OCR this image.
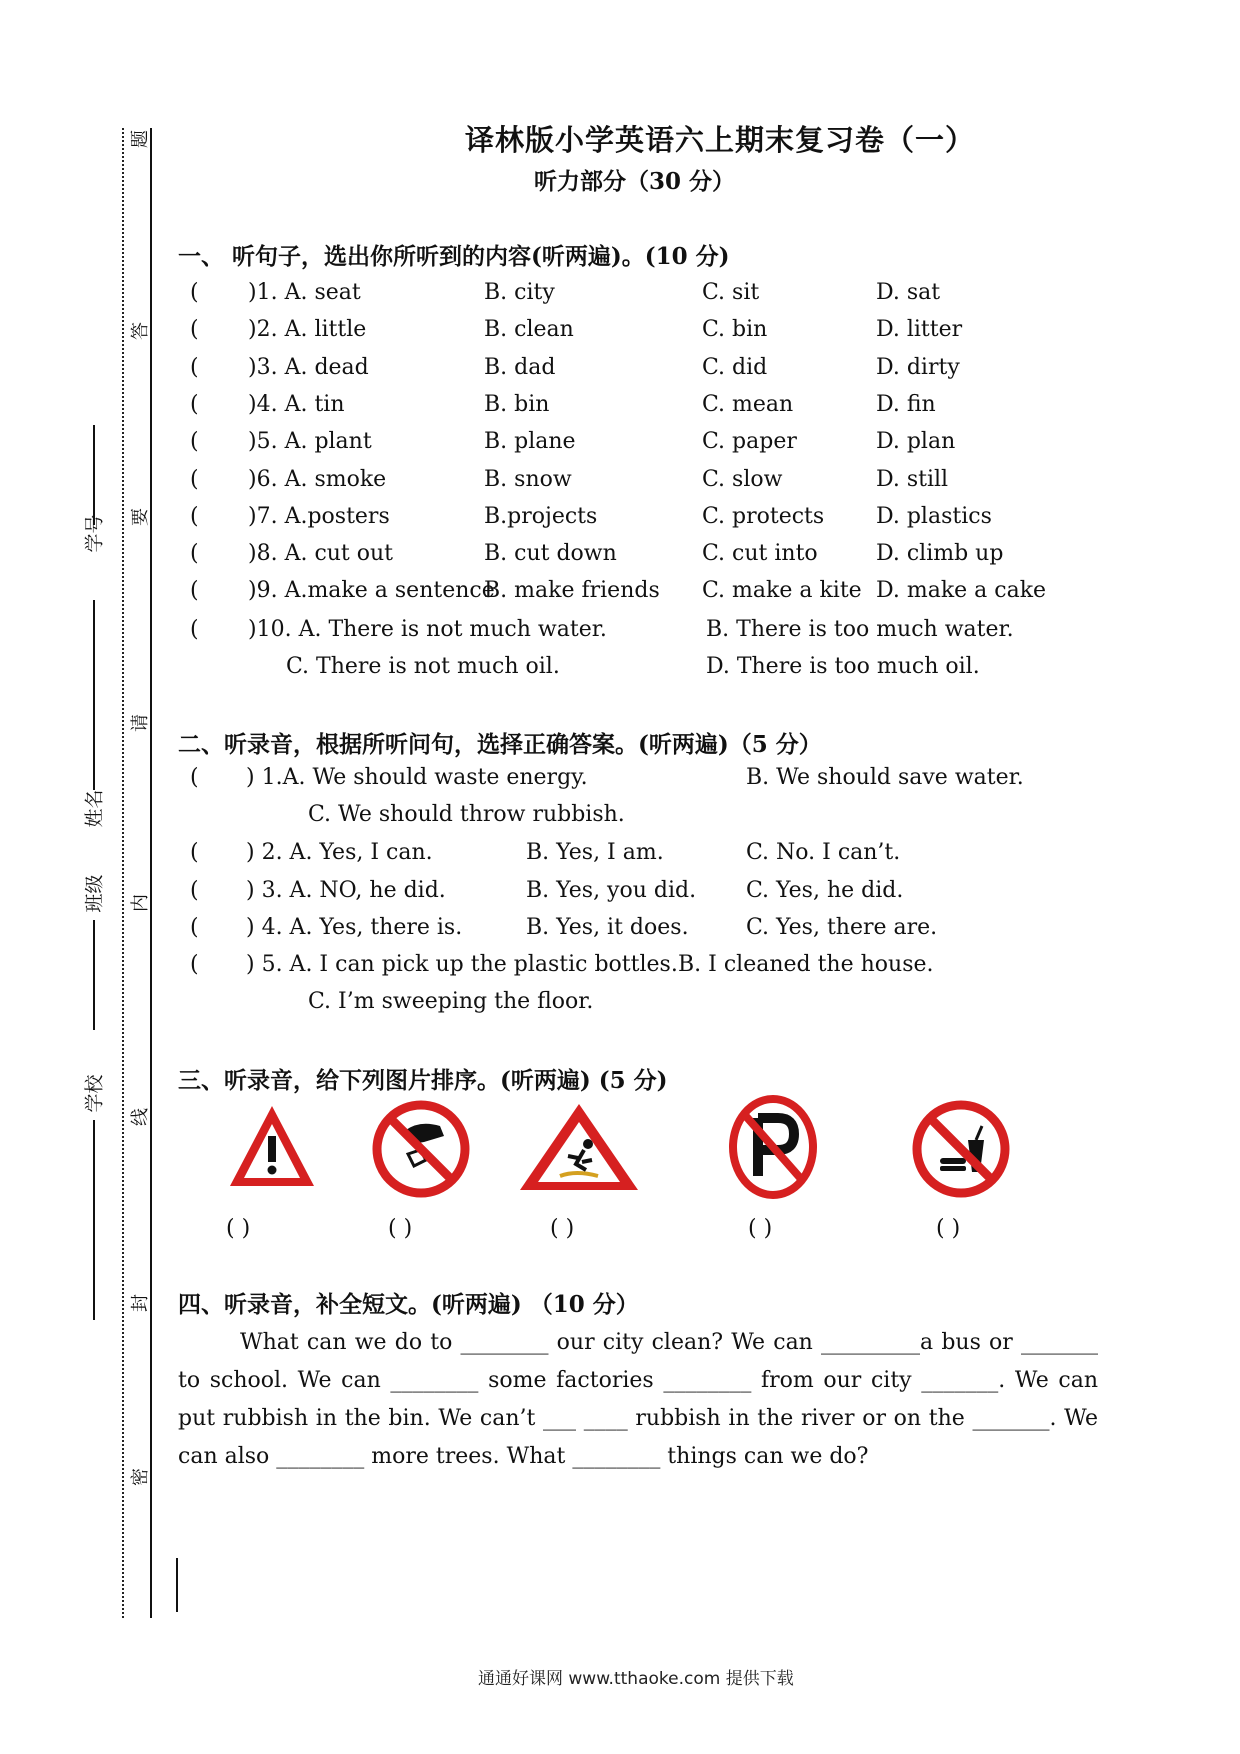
题
答
要
请
内
线
封
密
学号
姓名
班级
学校
译林版小学英语六上期末复习卷（一）
听力部分（30 分）
一、 听句子，选出你所听到的内容(听两遍)。(10 分)
( )1. A. seat	B. city	C. sit	D. sat
( )2. A. little	B. clean	C. bin	D. litter
( )3. A. dead	B. dad	C. did	D. dirty
( )4. A. tin	B. bin	C. mean	D. fin
( )5. A. plant	B. plane	C. paper	D. plan
( )6. A. smoke	B. snow	C. slow	D. still
( )7. A.posters	B.projects	C. protects D. plastics
( )8. A. cut out	B. cut down	C. cut into	D. climb up
( )9. A.make a sentence
B. make friends C. make a kite D. make a cake
( )10. A. There is not much water.	B. There is too much water.
C. There is not much oil.	D. There is too much oil.
二、听录音，根据所听问句，选择正确答案。(听两遍)（5 分）
( ) 1.A. We should waste energy.	B. We should save water.
C. We should throw rubbish.
( ) 2. A. Yes, I can.	B. Yes, I am.	C. No. I can’t.
( ) 3. A. NO, he did.	B. Yes, you did. C. Yes, he did.
( ) 4. A. Yes, there is.	B. Yes, it does.	C. Yes, there are.
( ) 5. A. I can pick up the plastic bottles. B. I cleaned the house.
C. I’m sweeping the floor.
三、听录音，给下列图片排序。(听两遍) (5 分)
( )	( )	( )	( )	( )
四、听录音，补全短文。(听两遍) （10 分）
What can we do to ________ our city clean? We can _________a bus or _______ to school. We can ________ some factories ________ from our city _______. We can put rubbish in the bin. We can’t ___ ____ rubbish in the river or on the _______. We can also ________ more trees. What ________ things can we do?
通通好课网 www.tthaoke.com 提供下载
